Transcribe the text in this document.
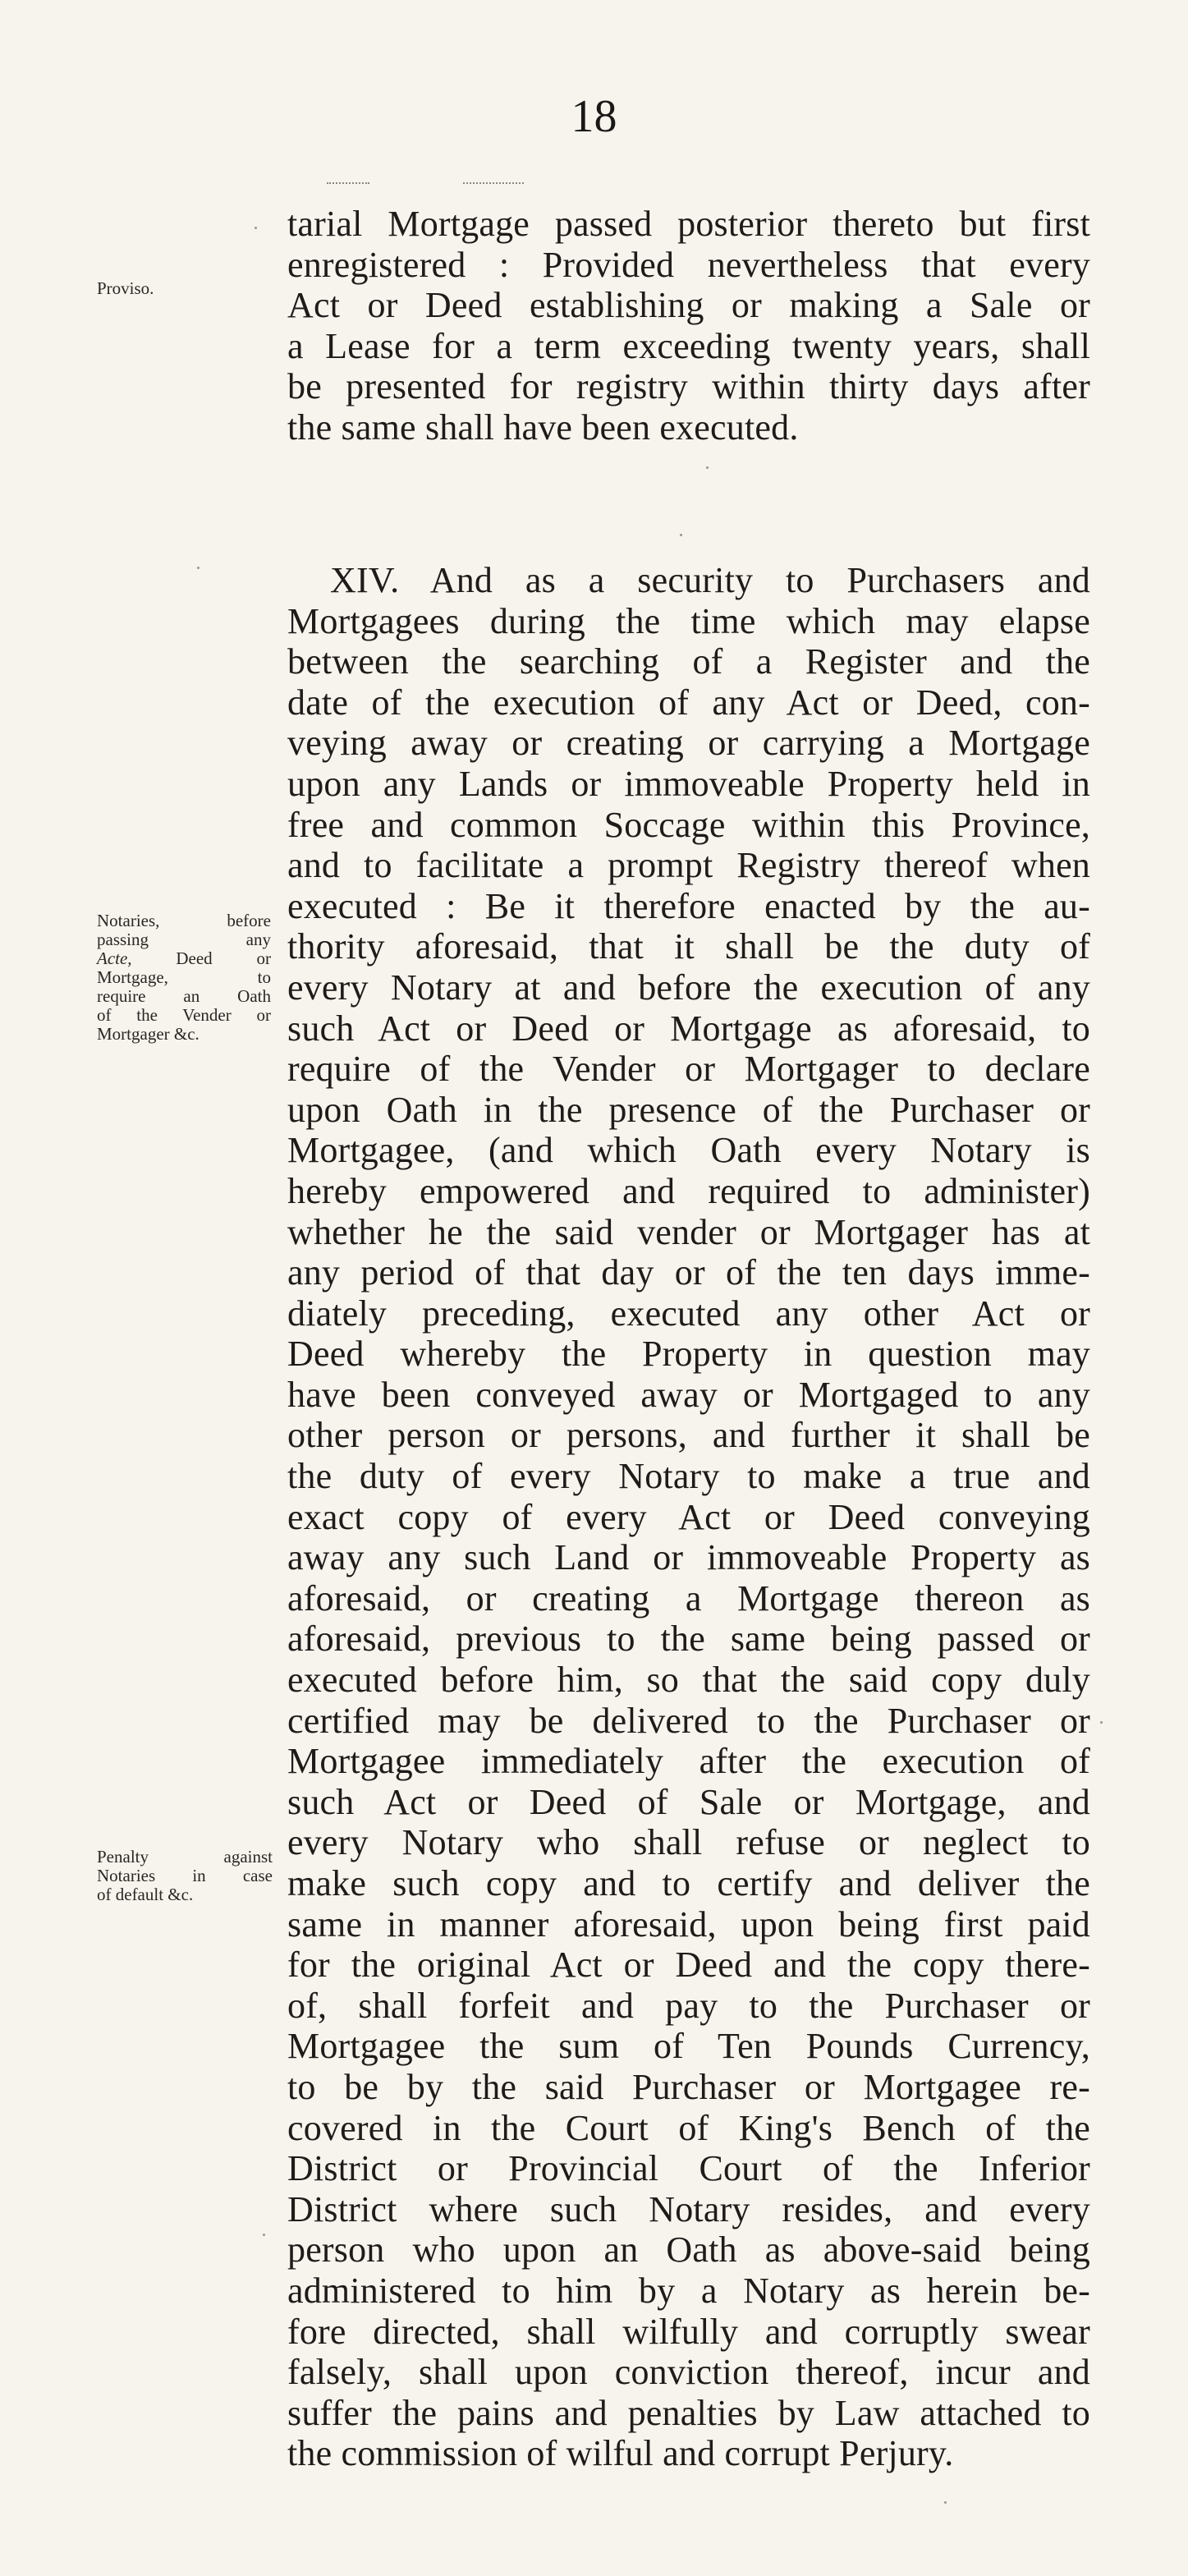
18
Proviso.
tarial Mortgage passed posterior thereto but first
enregistered : Provided nevertheless that every
Act or Deed establishing or making a Sale or
a Lease for a term exceeding twenty years, shall
be presented for registry within thirty days after
the same shall have been executed.
Notaries, before
passing any
Acte, Deed or
Mortgage, to
require an Oath
of the Vender or
Mortgager &c.
XIV. And as a security to Purchasers and
Mortgagees during the time which may elapse
between the searching of a Register and the
date of the execution of any Act or Deed, con-
veying away or creating or carrying a Mortgage
upon any Lands or immoveable Property held in
free and common Soccage within this Province,
and to facilitate a prompt Registry thereof when
executed : Be it therefore enacted by the au-
thority aforesaid, that it shall be the duty of
every Notary at and before the execution of any
such Act or Deed or Mortgage as aforesaid, to
require of the Vender or Mortgager to declare
upon Oath in the presence of the Purchaser or
Mortgagee, (and which Oath every Notary is
hereby empowered and required to administer)
whether he the said vender or Mortgager has at
any period of that day or of the ten days imme-
diately preceding, executed any other Act or
Deed whereby the Property in question may
have been conveyed away or Mortgaged to any
other person or persons, and further it shall be
the duty of every Notary to make a true and
exact copy of every Act or Deed conveying
away any such Land or immoveable Property as
aforesaid, or creating a Mortgage thereon as
aforesaid, previous to the same being passed or
executed before him, so that the said copy duly
certified may be delivered to the Purchaser or
Mortgagee immediately after the execution of
such Act or Deed of Sale or Mortgage, and
every Notary who shall refuse or neglect to
make such copy and to certify and deliver the
same in manner aforesaid, upon being first paid
for the original Act or Deed and the copy there-
of, shall forfeit and pay to the Purchaser or
Mortgagee the sum of Ten Pounds Currency,
to be by the said Purchaser or Mortgagee re-
covered in the Court of King's Bench of the
District or Provincial Court of the Inferior
District where such Notary resides, and every
person who upon an Oath as above-said being
administered to him by a Notary as herein be-
fore directed, shall wilfully and corruptly swear
falsely, shall upon conviction thereof, incur and
suffer the pains and penalties by Law attached to
the commission of wilful and corrupt Perjury.
Penalty against
Notaries in case
of default &c.
